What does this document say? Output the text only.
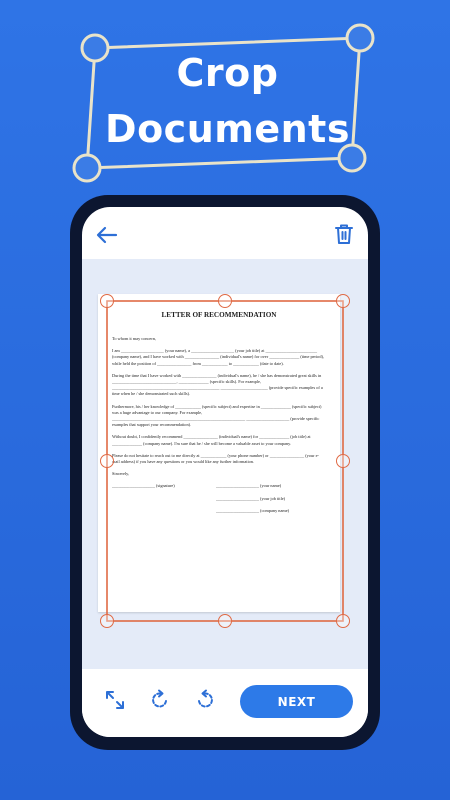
Crop
Documents
LETTER OF RECOMMENDATION

To whom it may concern,

I am ____________________ (your name), a ____________________ (your job title) at ________________________ (company name), and I have worked with ________________ (individual's name) for over ______________ (time period), while held the position of ________________ from ____________ to ____________ (date to date).

During the time that I have worked with ________________ (individual's name), he / she has demonstrated great skills in ______________________________, ______________ (specific skills). For example, __________________________________________________ ______________________ (provide specific examples of a time when he / she demonstrated such skills).

Furthermore, his / her knowledge of ____________ (specific subject) and expertise in ______________ (specific subject) was a huge advantage to our company. For example, ______________________________________________________________ ____________________ (provide specific examples that support your recommendation).

Without doubt, I confidently recommend ________________ (individual's name) for ______________ (job title) at ______________ (company name). I'm sure that he / she will become a valuable asset to your company.

Please do not hesitate to reach out to me directly at ____________ (your phone number) or ________________ (your e-mail address) if you have any questions or you would like any further information.

Sincerely,

____________________ (signature)	____________________ (your name)
____________________ (your job title)
____________________ (company name)
NEXT
